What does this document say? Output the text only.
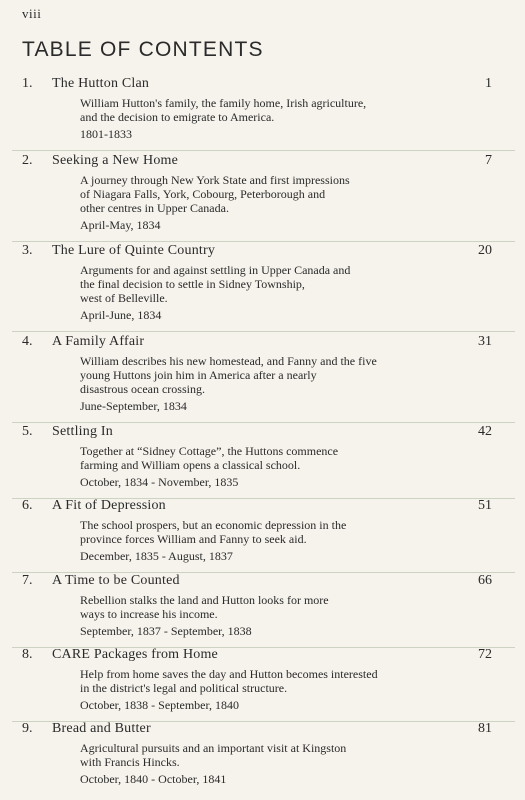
viii
TABLE OF CONTENTS
1. The Hutton Clan	1
William Hutton's family, the family home, Irish agriculture,
and the decision to emigrate to America.
1801-1833
2. Seeking a New Home	7
A journey through New York State and first impressions
of Niagara Falls, York, Cobourg, Peterborough and
other centres in Upper Canada.
April-May, 1834
3. The Lure of Quinte Country	20
Arguments for and against settling in Upper Canada and
the final decision to settle in Sidney Township,
west of Belleville.
April-June, 1834
4. A Family Affair	31
William describes his new homestead, and Fanny and the five
young Huttons join him in America after a nearly
disastrous ocean crossing.
June-September, 1834
5. Settling In	42
Together at “Sidney Cottage”, the Huttons commence
farming and William opens a classical school.
October, 1834 - November, 1835
6. A Fit of Depression	51
The school prospers, but an economic depression in the
province forces William and Fanny to seek aid.
December, 1835 - August, 1837
7. A Time to be Counted	66
Rebellion stalks the land and Hutton looks for more
ways to increase his income.
September, 1837 - September, 1838
8. CARE Packages from Home	72
Help from home saves the day and Hutton becomes interested
in the district's legal and political structure.
October, 1838 - September, 1840
9. Bread and Butter	81
Agricultural pursuits and an important visit at Kingston
with Francis Hincks.
October, 1840 - October, 1841
